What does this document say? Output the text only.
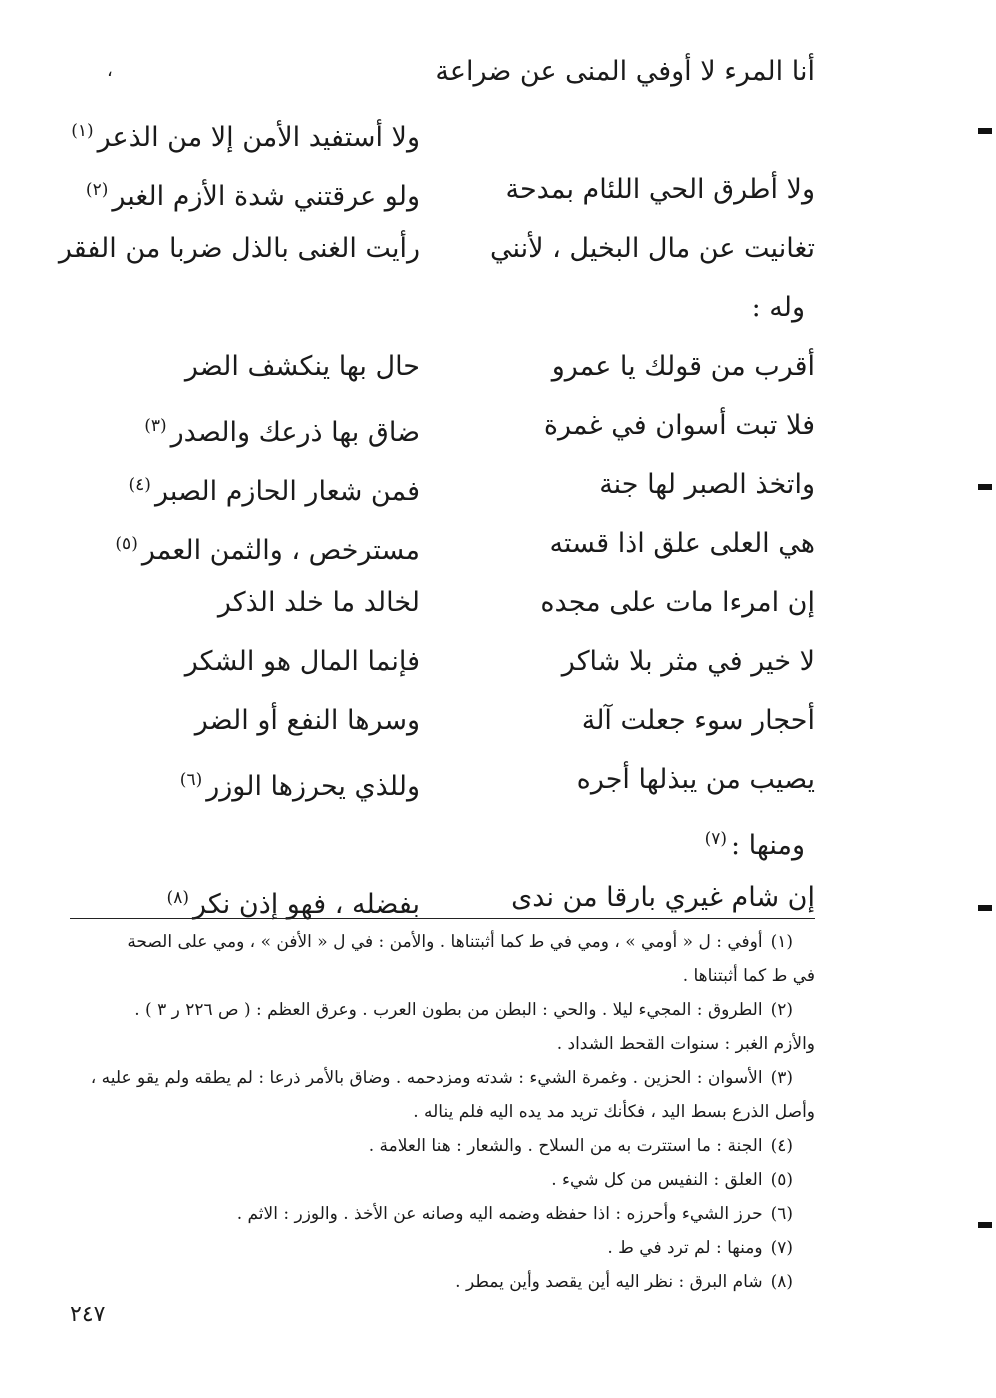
،	أنا المرء لا أوفي المنى عن ضراعة
ولا أستفيد الأمن إلا من الذعر$^{(١)}$
ولا أطرق الحي اللئام بمدحة
ولو عرقتني شدة الأزم الغبر$^{(٢)}$
تغانيت عن مال البخيل ، لأنني
رأيت الغنى بالذل ضربا من الفقر
وله :
أقرب من قولك يا عمرو
حال بها ينكشف الضر
فلا تبت أسوان في غمرة
ضاق بها ذرعك والصدر$^{(٣)}$
واتخذ الصبر لها جنة
فمن شعار الحازم الصبر$^{(٤)}$
هي العلى علق اذا قسته
مسترخص ، والثمن العمر$^{(٥)}$
إن امرءا مات على مجده
لخالد ما خلد الذكر
لا خير في مثر بلا شاكر
فإنما المال هو الشكر
أحجار سوء جعلت آلة
وسرها النفع أو الضر
يصيب من يبذلها أجره
وللذي يحرزها الوزر$^{(٦)}$
ومنها :$^{(٧)}$
إن شام غيري بارقا من ندى
بفضله ، فهو إذن نكر$^{(٨)}$
(١)أوفي : ل « أومي » ، ومي في ط كما أثبتناها . والأمن : في ل « الأفن » ، ومي على الصحة
في ط كما أثبتناها .
(٢)الطروق : المجيء ليلا . والحي : البطن من بطون العرب . وعرق العظم : ( ص ٢٢٦ ر ٣ ) .
والأزم الغبر : سنوات القحط الشداد .
(٣)الأسوان : الحزين . وغمرة الشيء : شدته ومزدحمه . وضاق بالأمر ذرعا : لم يطقه ولم يقو عليه ،
وأصل الذرع بسط اليد ، فكأنك تريد مد يده اليه فلم يناله .
(٤)الجنة : ما استترت به من السلاح . والشعار : هنا العلامة .
(٥)العلق : النفيس من كل شيء .
(٦)حرز الشيء وأحرزه : اذا حفظه وضمه اليه وصانه عن الأخذ . والوزر : الاثم .
(٧)ومنها : لم ترد في ط .
(٨)شام البرق : نظر اليه أين يقصد وأين يمطر .
٢٤٧
